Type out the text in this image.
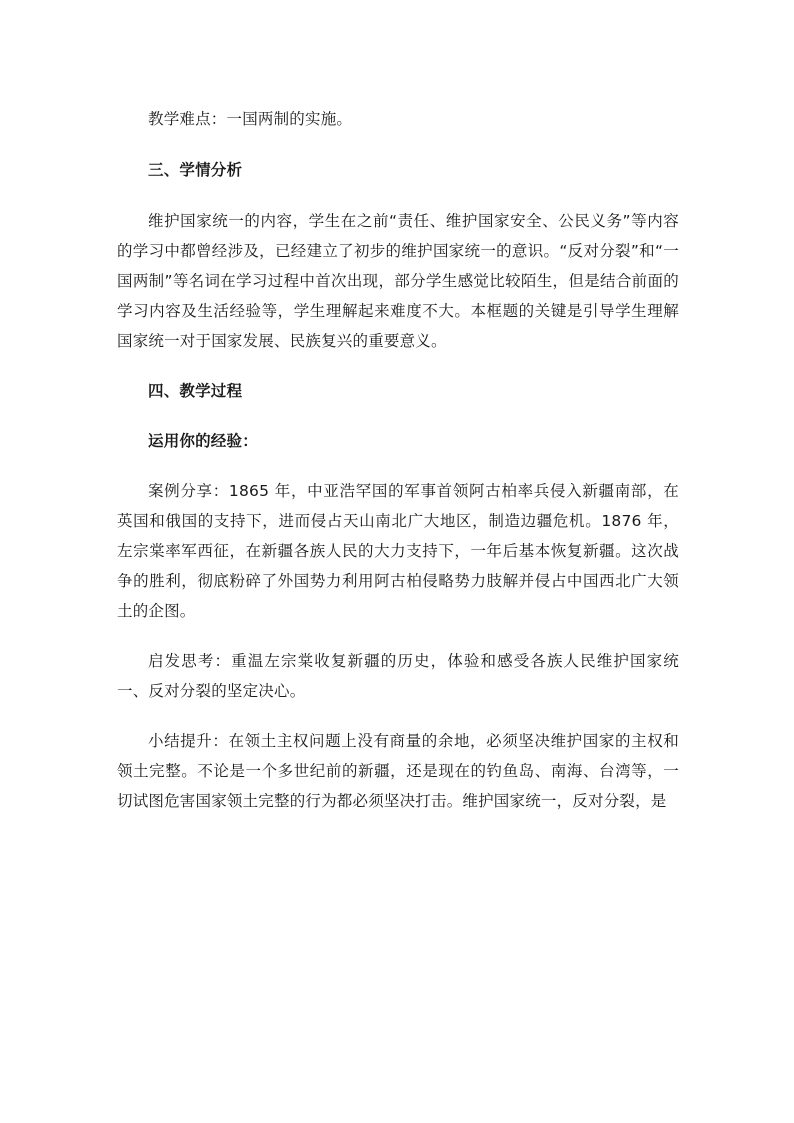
教学难点：一国两制的实施。

三、学情分析

维护国家统一的内容，学生在之前“责任、维护国家安全、公民义务”等内容的学习中都曾经涉及，已经建立了初步的维护国家统一的意识。“反对分裂”和“一国两制”等名词在学习过程中首次出现，部分学生感觉比较陌生，但是结合前面的学习内容及生活经验等，学生理解起来难度不大。本框题的关键是引导学生理解国家统一对于国家发展、民族复兴的重要意义。

四、教学过程

运用你的经验：

案例分享：1865 年，中亚浩罕国的军事首领阿古柏率兵侵入新疆南部，在英国和俄国的支持下，进而侵占天山南北广大地区，制造边疆危机。1876 年，左宗棠率军西征，在新疆各族人民的大力支持下，一年后基本恢复新疆。这次战争的胜利，彻底粉碎了外国势力利用阿古柏侵略势力肢解并侵占中国西北广大领土的企图。

启发思考：重温左宗棠收复新疆的历史，体验和感受各族人民维护国家统一、反对分裂的坚定决心。

小结提升：在领土主权问题上没有商量的余地，必须坚决维护国家的主权和领土完整。不论是一个多世纪前的新疆，还是现在的钓鱼岛、南海、台湾等，一切试图危害国家领土完整的行为都必须坚决打击。维护国家统一，反对分裂，是
